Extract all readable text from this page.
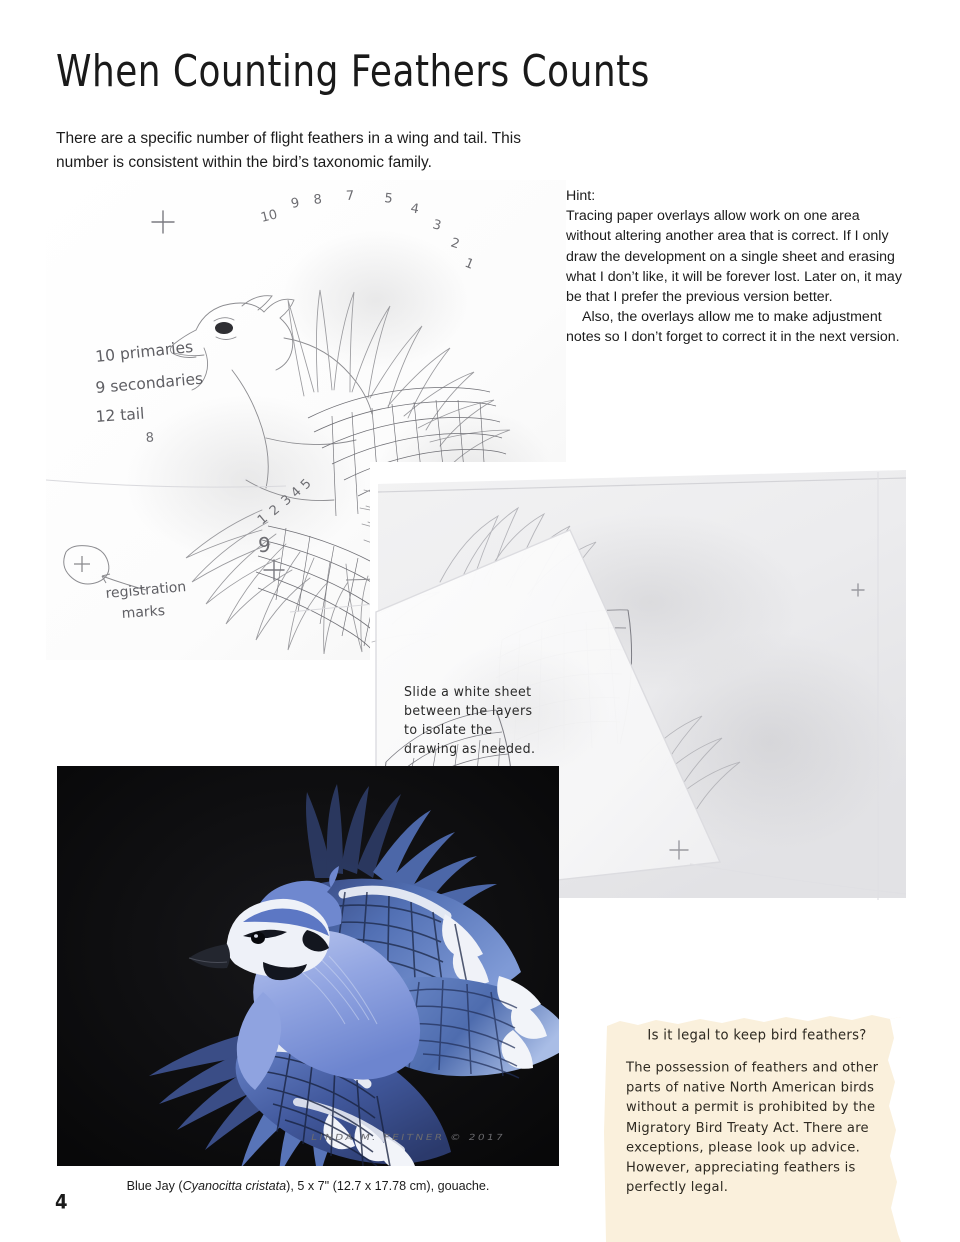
When Counting Feathers Counts
There are a specific number of flight feathers in a wing and tail. This number is consistent within the bird’s taxonomic family.
10
9 8 7 5
4
3
2
1
8
1
2
3
4
5
9
10 primaries
9 secondaries
12 tail
registration
marks
Hint:
Tracing paper overlays allow work on one area without altering another area that is correct. If I only draw the development on a single sheet and erasing what I don’t like, it will be forever lost. Later on, it may be that I prefer the previous version better.
Also, the overlays allow me to make adjustment notes so I don’t forget to correct it in the next version.
Slide a white sheet
between the layers
to isolate the
drawing as needed.
LINDA M. FEITNER © 2017
Blue Jay (Cyanocitta cristata), 5 x 7" (12.7 x 17.78 cm), gouache.
4
Is it legal to keep bird feathers?
The possession of feathers and other parts of native North American birds without a permit is prohibited by the Migratory Bird Treaty Act. There are exceptions, please look up advice. However, appreciating feathers is perfectly legal.
